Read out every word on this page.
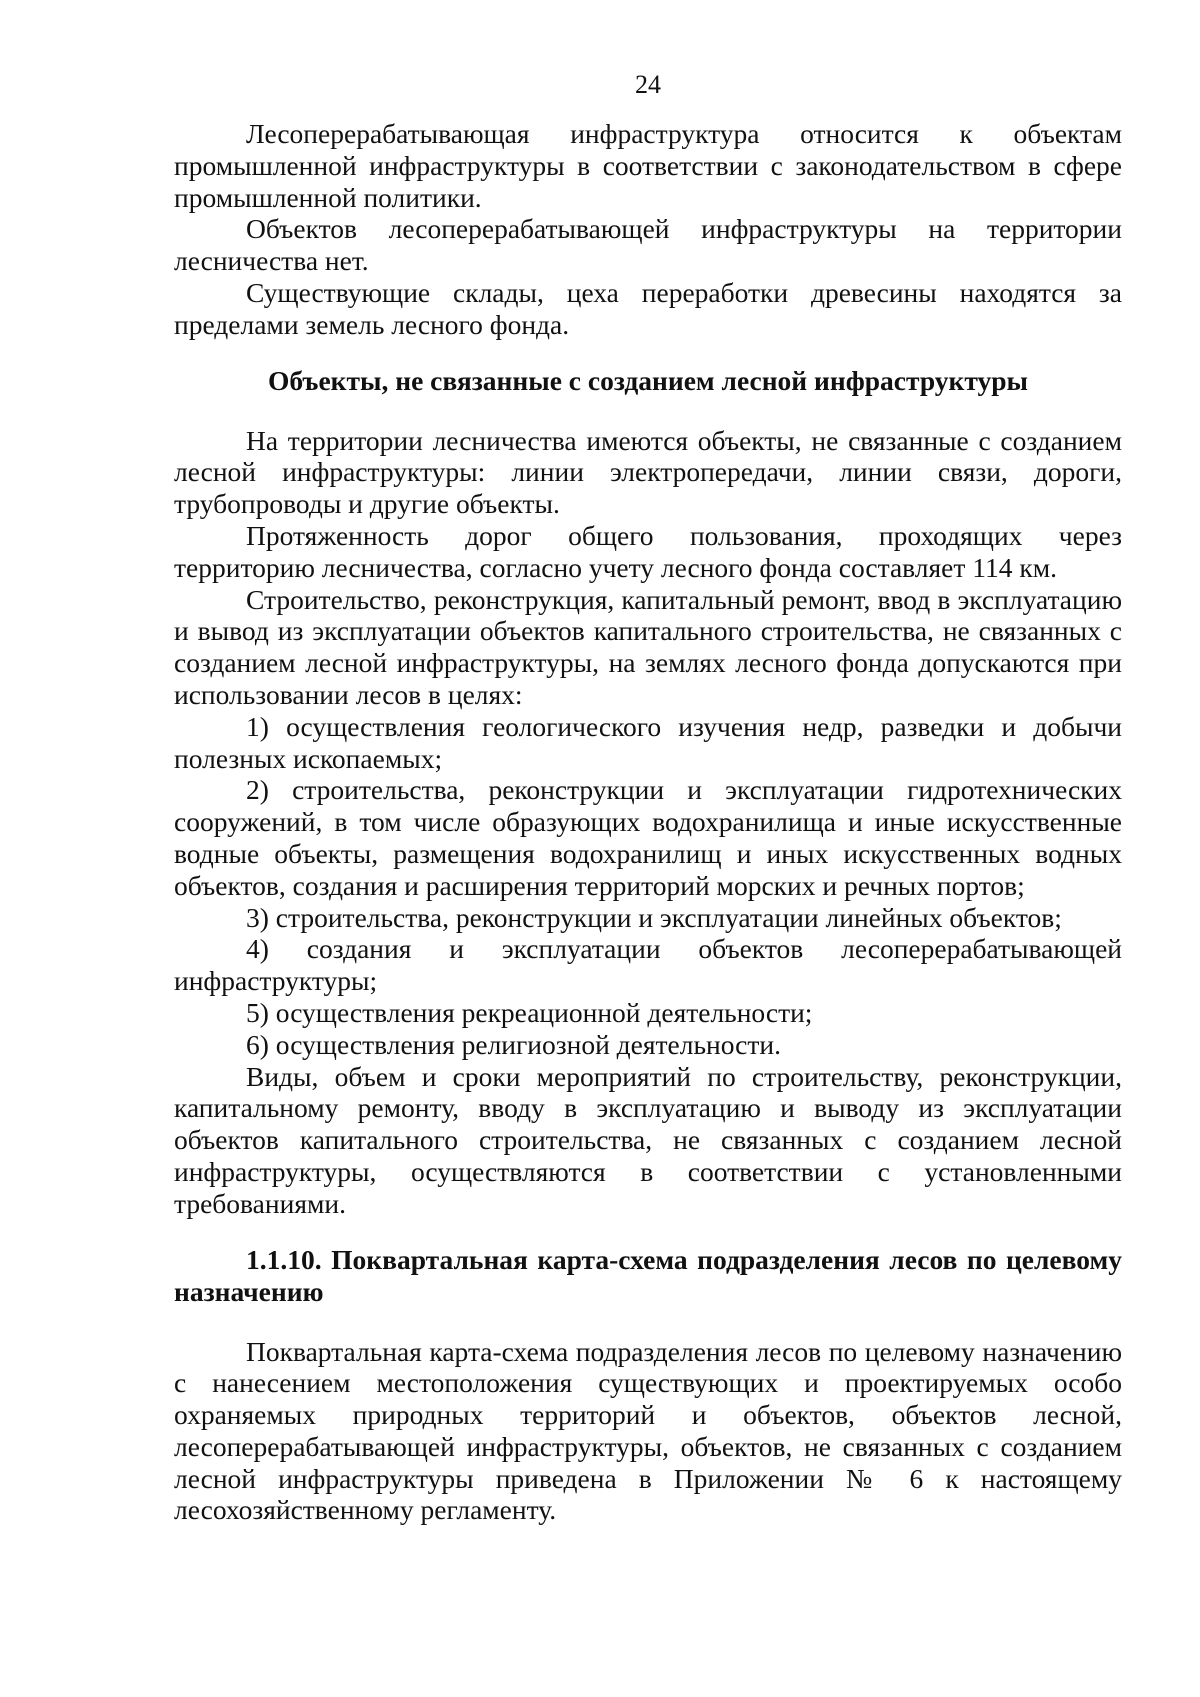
24

Лесоперерабатывающая инфраструктура относится к объектам промышленной инфраструктуры в соответствии с законодательством в сфере промышленной политики.

Объектов лесоперерабатывающей инфраструктуры на территории лесничества нет.

Существующие склады, цеха переработки древесины находятся за пределами земель лесного фонда.

Объекты, не связанные с созданием лесной инфраструктуры

На территории лесничества имеются объекты, не связанные с созданием лесной инфраструктуры: линии электропередачи, линии связи, дороги, трубопроводы и другие объекты.

Протяженность дорог общего пользования, проходящих через территорию лесничества, согласно учету лесного фонда составляет 114 км.

Строительство, реконструкция, капитальный ремонт, ввод в эксплуатацию и вывод из эксплуатации объектов капитального строительства, не связанных с созданием лесной инфраструктуры, на землях лесного фонда допускаются при использовании лесов в целях:

1) осуществления геологического изучения недр, разведки и добычи полезных ископаемых;

2) строительства, реконструкции и эксплуатации гидротехнических сооружений, в том числе образующих водохранилища и иные искусственные водные объекты, размещения водохранилищ и иных искусственных водных объектов, создания и расширения территорий морских и речных портов;

3) строительства, реконструкции и эксплуатации линейных объектов;

4) создания и эксплуатации объектов лесоперерабатывающей инфраструктуры;

5) осуществления рекреационной деятельности;

6) осуществления религиозной деятельности.

Виды, объем и сроки мероприятий по строительству, реконструкции, капитальному ремонту, вводу в эксплуатацию и выводу из эксплуатации объектов капитального строительства, не связанных с созданием лесной инфраструктуры, осуществляются в соответствии с установленными требованиями.

1.1.10. Поквартальная карта-схема подразделения лесов по целевому назначению

Поквартальная карта-схема подразделения лесов по целевому назначению с нанесением местоположения существующих и проектируемых особо охраняемых природных территорий и объектов, объектов лесной, лесоперерабатывающей инфраструктуры, объектов, не связанных с созданием лесной инфраструктуры приведена в Приложении № 6 к настоящему лесохозяйственному регламенту.
